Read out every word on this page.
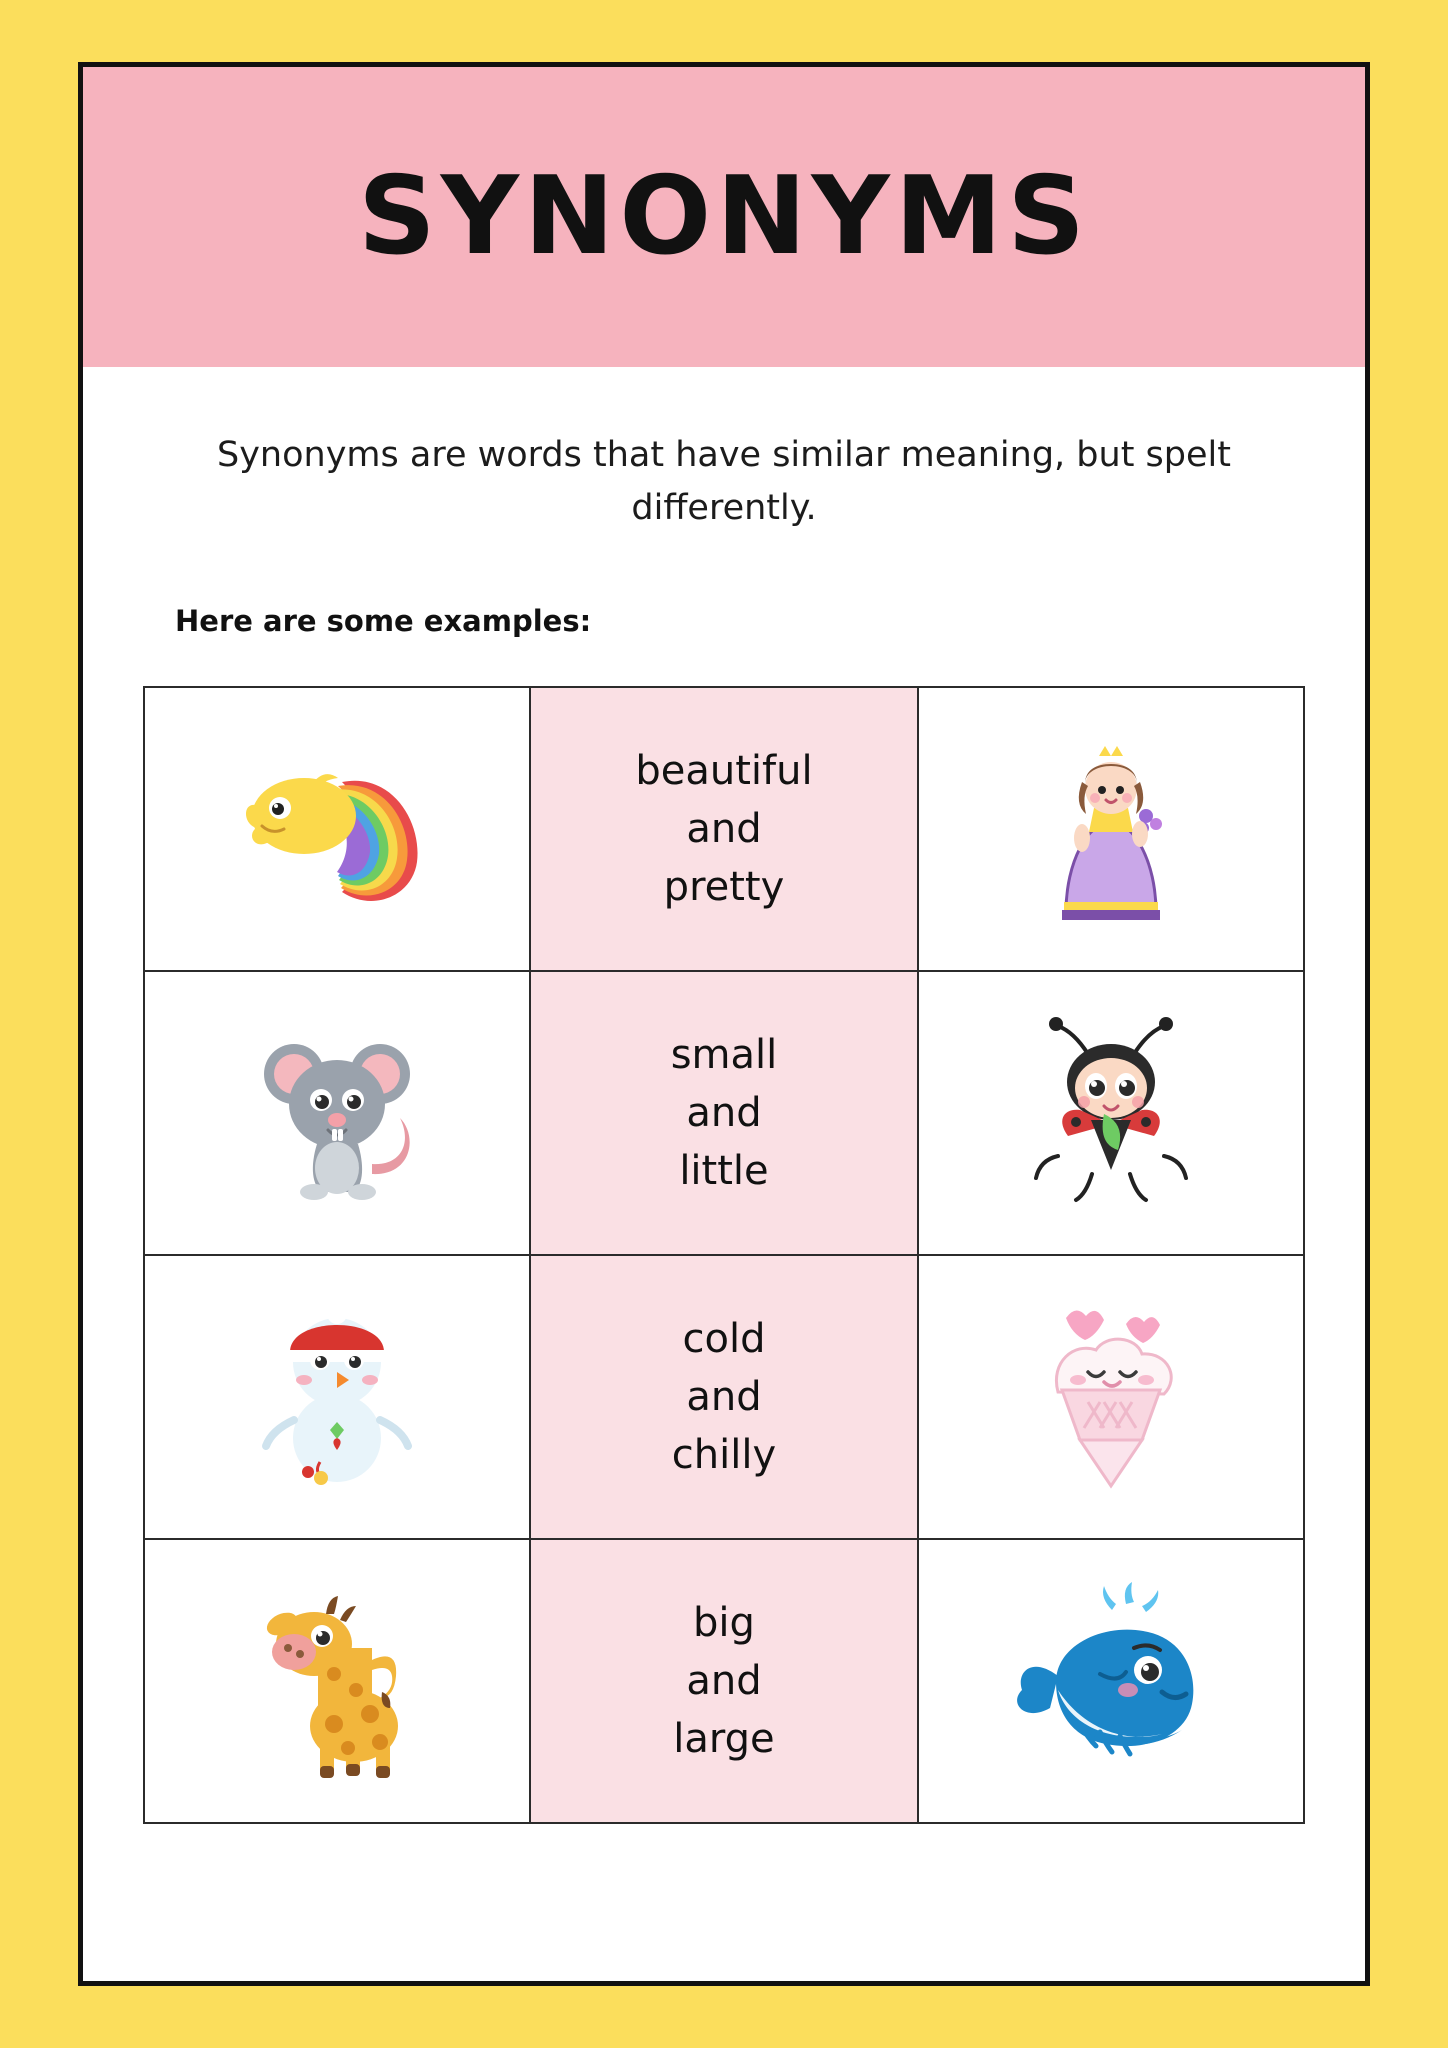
SYNONYMS
Synonyms are words that have similar meaning, but spelt differently.
Here are some examples:

beautiful
and
pretty

small
and
little

cold
and
chilly

big
and
large
